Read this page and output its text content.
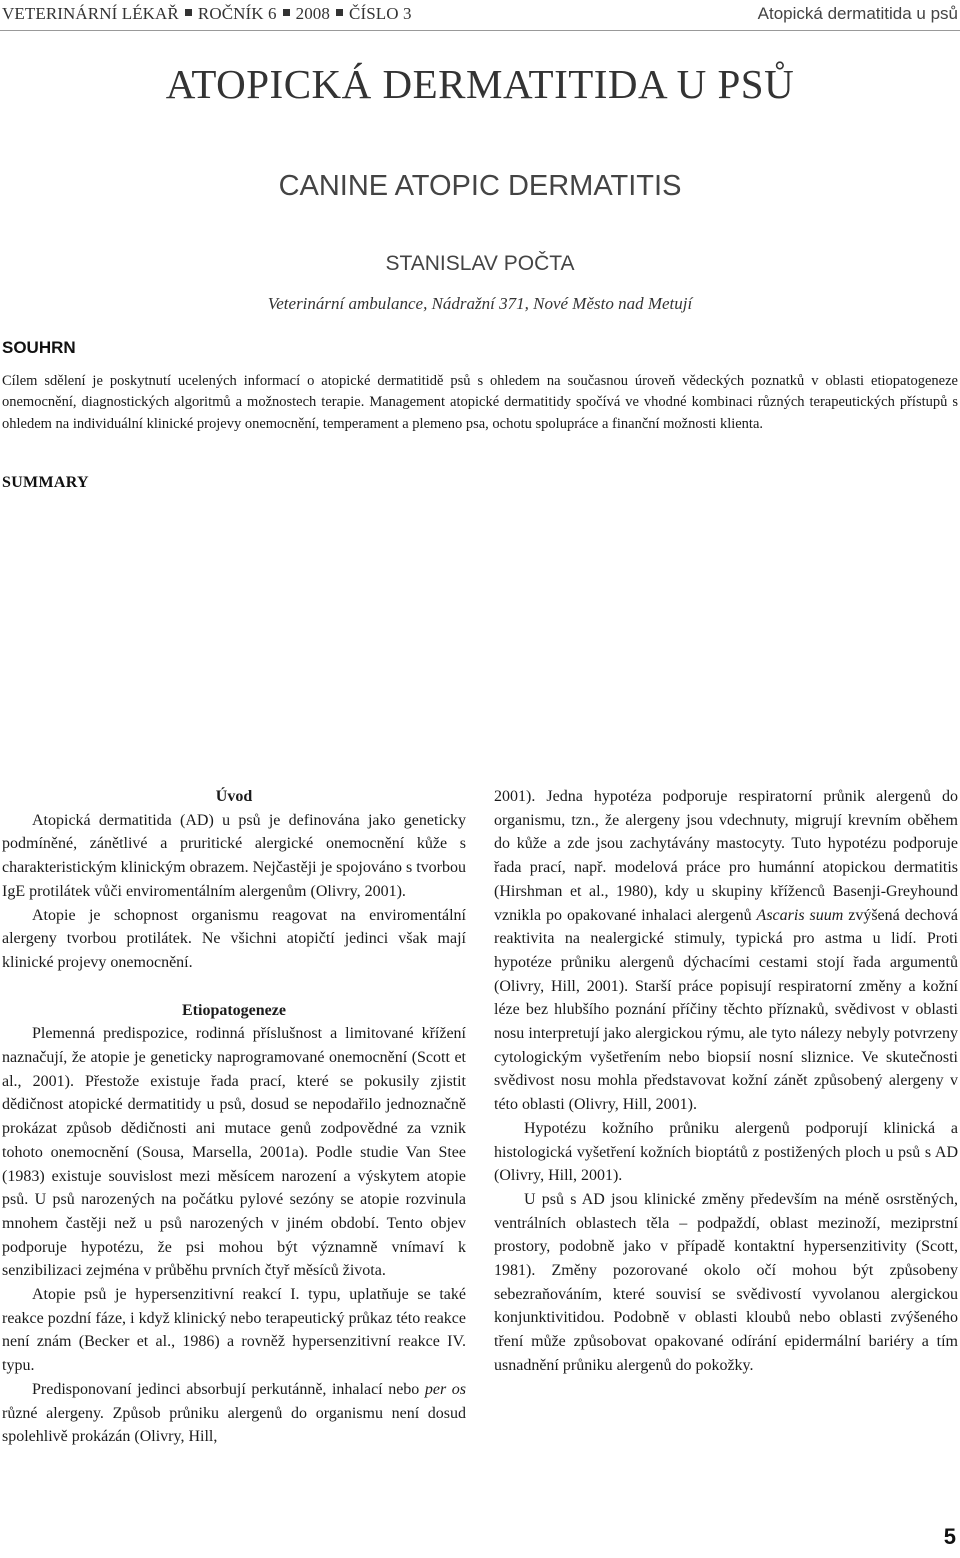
VETERINÁRNÍ LÉKAŘ ROČNÍK 6 2008 ČÍSLO 3	Atopická dermatitida u psů
ATOPICKÁ DERMATITIDA U PSŮ
CANINE ATOPIC DERMATITIS
STANISLAV POČTA
Veterinární ambulance, Nádražní 371, Nové Město nad Metují
SOUHRN

Cílem sdělení je poskytnutí ucelených informací o atopické dermatitidě psů s ohledem na současnou úroveň vědeckých poznatků v oblasti etiopatogeneze onemocnění, diagnostických algoritmů a možnostech terapie. Management atopické dermatitidy spočívá ve vhodné kombinaci různých terapeutických přístupů s ohledem na individuální klinické projevy onemocnění, temperament a plemeno psa, ochotu spolupráce a finanční možnosti klienta.

SUMMARY
Úvod

Atopická dermatitida (AD) u psů je definována jako geneticky podmíněné, zánětlivé a pruritické alergické onemocnění kůže s charakteristickým klinickým obrazem. Nejčastěji je spojováno s tvorbou IgE protilátek vůči enviromentálním alergenům (Olivry, 2001).

Atopie je schopnost organismu reagovat na enviromentální alergeny tvorbou protilátek. Ne všichni atopičtí jedinci však mají klinické projevy onemocnění.

Etiopatogeneze

Plemenná predispozice, rodinná příslušnost a limitované křížení naznačují, že atopie je geneticky naprogramované onemocnění (Scott et al., 2001). Přestože existuje řada prací, které se pokusily zjistit dědičnost atopické dermatitidy u psů, dosud se nepodařilo jednoznačně prokázat způsob dědičnosti ani mutace genů zodpovědné za vznik tohoto onemocnění (Sousa, Marsella, 2001a). Podle studie Van Stee (1983) existuje souvislost mezi měsícem narození a výskytem atopie psů. U psů narozených na počátku pylové sezóny se atopie rozvinula mnohem častěji než u psů narozených v jiném období. Tento objev podporuje hypotézu, že psi mohou být významně vnímaví k senzibilizaci zejména v průběhu prvních čtyř měsíců života.

Atopie psů je hypersenzitivní reakcí I. typu, uplatňuje se také reakce pozdní fáze, i když klinický nebo terapeutický průkaz této reakce není znám (Becker et al., 1986) a rovněž hypersenzitivní reakce IV. typu.

Predisponovaní jedinci absorbují perkutánně, inhalací nebo per os různé alergeny. Způsob průniku alergenů do organismu není dosud spolehlivě prokázán (Olivry, Hill,

2001). Jedna hypotéza podporuje respiratorní průnik alergenů do organismu, tzn., že alergeny jsou vdechnuty, migrují krevním oběhem do kůže a zde jsou zachytávány mastocyty. Tuto hypotézu podporuje řada prací, např. modelová práce pro humánní atopickou dermatitis (Hirshman et al., 1980), kdy u skupiny kříženců Basenji-Greyhound vznikla po opakované inhalaci alergenů Ascaris suum zvýšená dechová reaktivita na nealergické stimuly, typická pro astma u lidí. Proti hypotéze průniku alergenů dýchacími cestami stojí řada argumentů (Olivry, Hill, 2001). Starší práce popisují respiratorní změny a kožní léze bez hlubšího poznání příčiny těchto příznaků, svědivost v oblasti nosu interpretují jako alergickou rýmu, ale tyto nálezy nebyly potvrzeny cytologickým vyšetřením nebo biopsií nosní sliznice. Ve skutečnosti svědivost nosu mohla představovat kožní zánět způsobený alergeny v této oblasti (Olivry, Hill, 2001).

Hypotézu kožního průniku alergenů podporují klinická a histologická vyšetření kožních bioptátů z postižených ploch u psů s AD (Olivry, Hill, 2001).

U psů s AD jsou klinické změny především na méně osrstěných, ventrálních oblastech těla – podpaždí, oblast mezinoží, meziprstní prostory, podobně jako v případě kontaktní hypersenzitivity (Scott, 1981). Změny pozorované okolo očí mohou být způsobeny sebezraňováním, které souvisí se svědivostí vyvolanou alergickou konjunktivitidou. Podobně v oblasti kloubů nebo oblasti zvýšeného tření může způsobovat opakované odírání epidermální bariéry a tím usnadnění průniku alergenů do pokožky.

5
